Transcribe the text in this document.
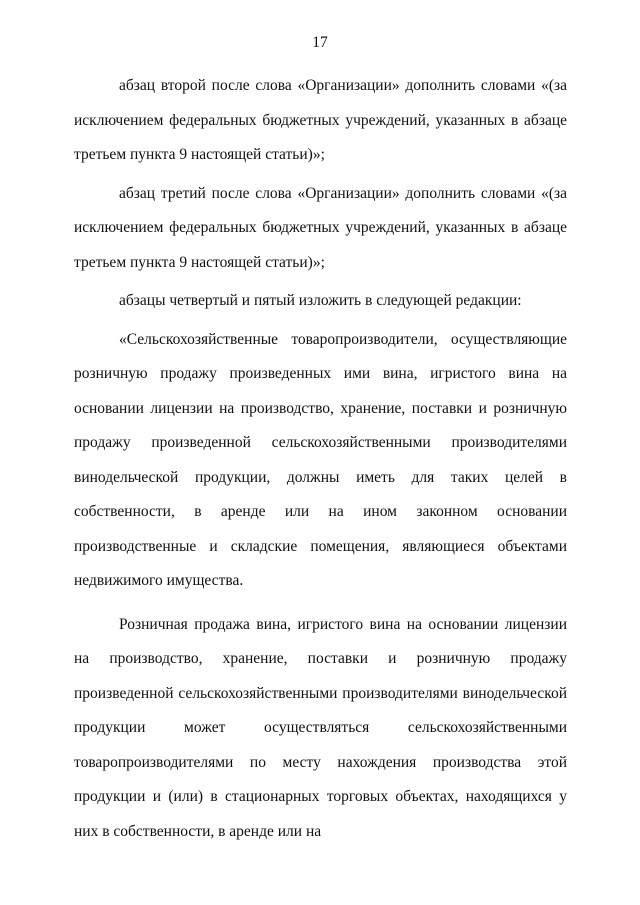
17

абзац второй после слова «Организации» дополнить словами «(за исключением федеральных бюджетных учреждений, указанных в абзаце третьем пункта 9 настоящей статьи)»;

абзац третий после слова «Организации» дополнить словами «(за исключением федеральных бюджетных учреждений, указанных в абзаце третьем пункта 9 настоящей статьи)»;

абзацы четвертый и пятый изложить в следующей редакции:

«Сельскохозяйственные товаропроизводители, осуществляющие розничную продажу произведенных ими вина, игристого вина на основании лицензии на производство, хранение, поставки и розничную продажу произведенной сельскохозяйственными производителями винодельческой продукции, должны иметь для таких целей в собственности, в аренде или на ином законном основании производственные и складские помещения, являющиеся объектами недвижимого имущества.

Розничная продажа вина, игристого вина на основании лицензии на производство, хранение, поставки и розничную продажу произведенной сельскохозяйственными производителями винодельческой продукции может осуществляться сельскохозяйственными товаропроизводителями по месту нахождения производства этой продукции и (или) в стационарных торговых объектах, находящихся у них в собственности, в аренде или на
